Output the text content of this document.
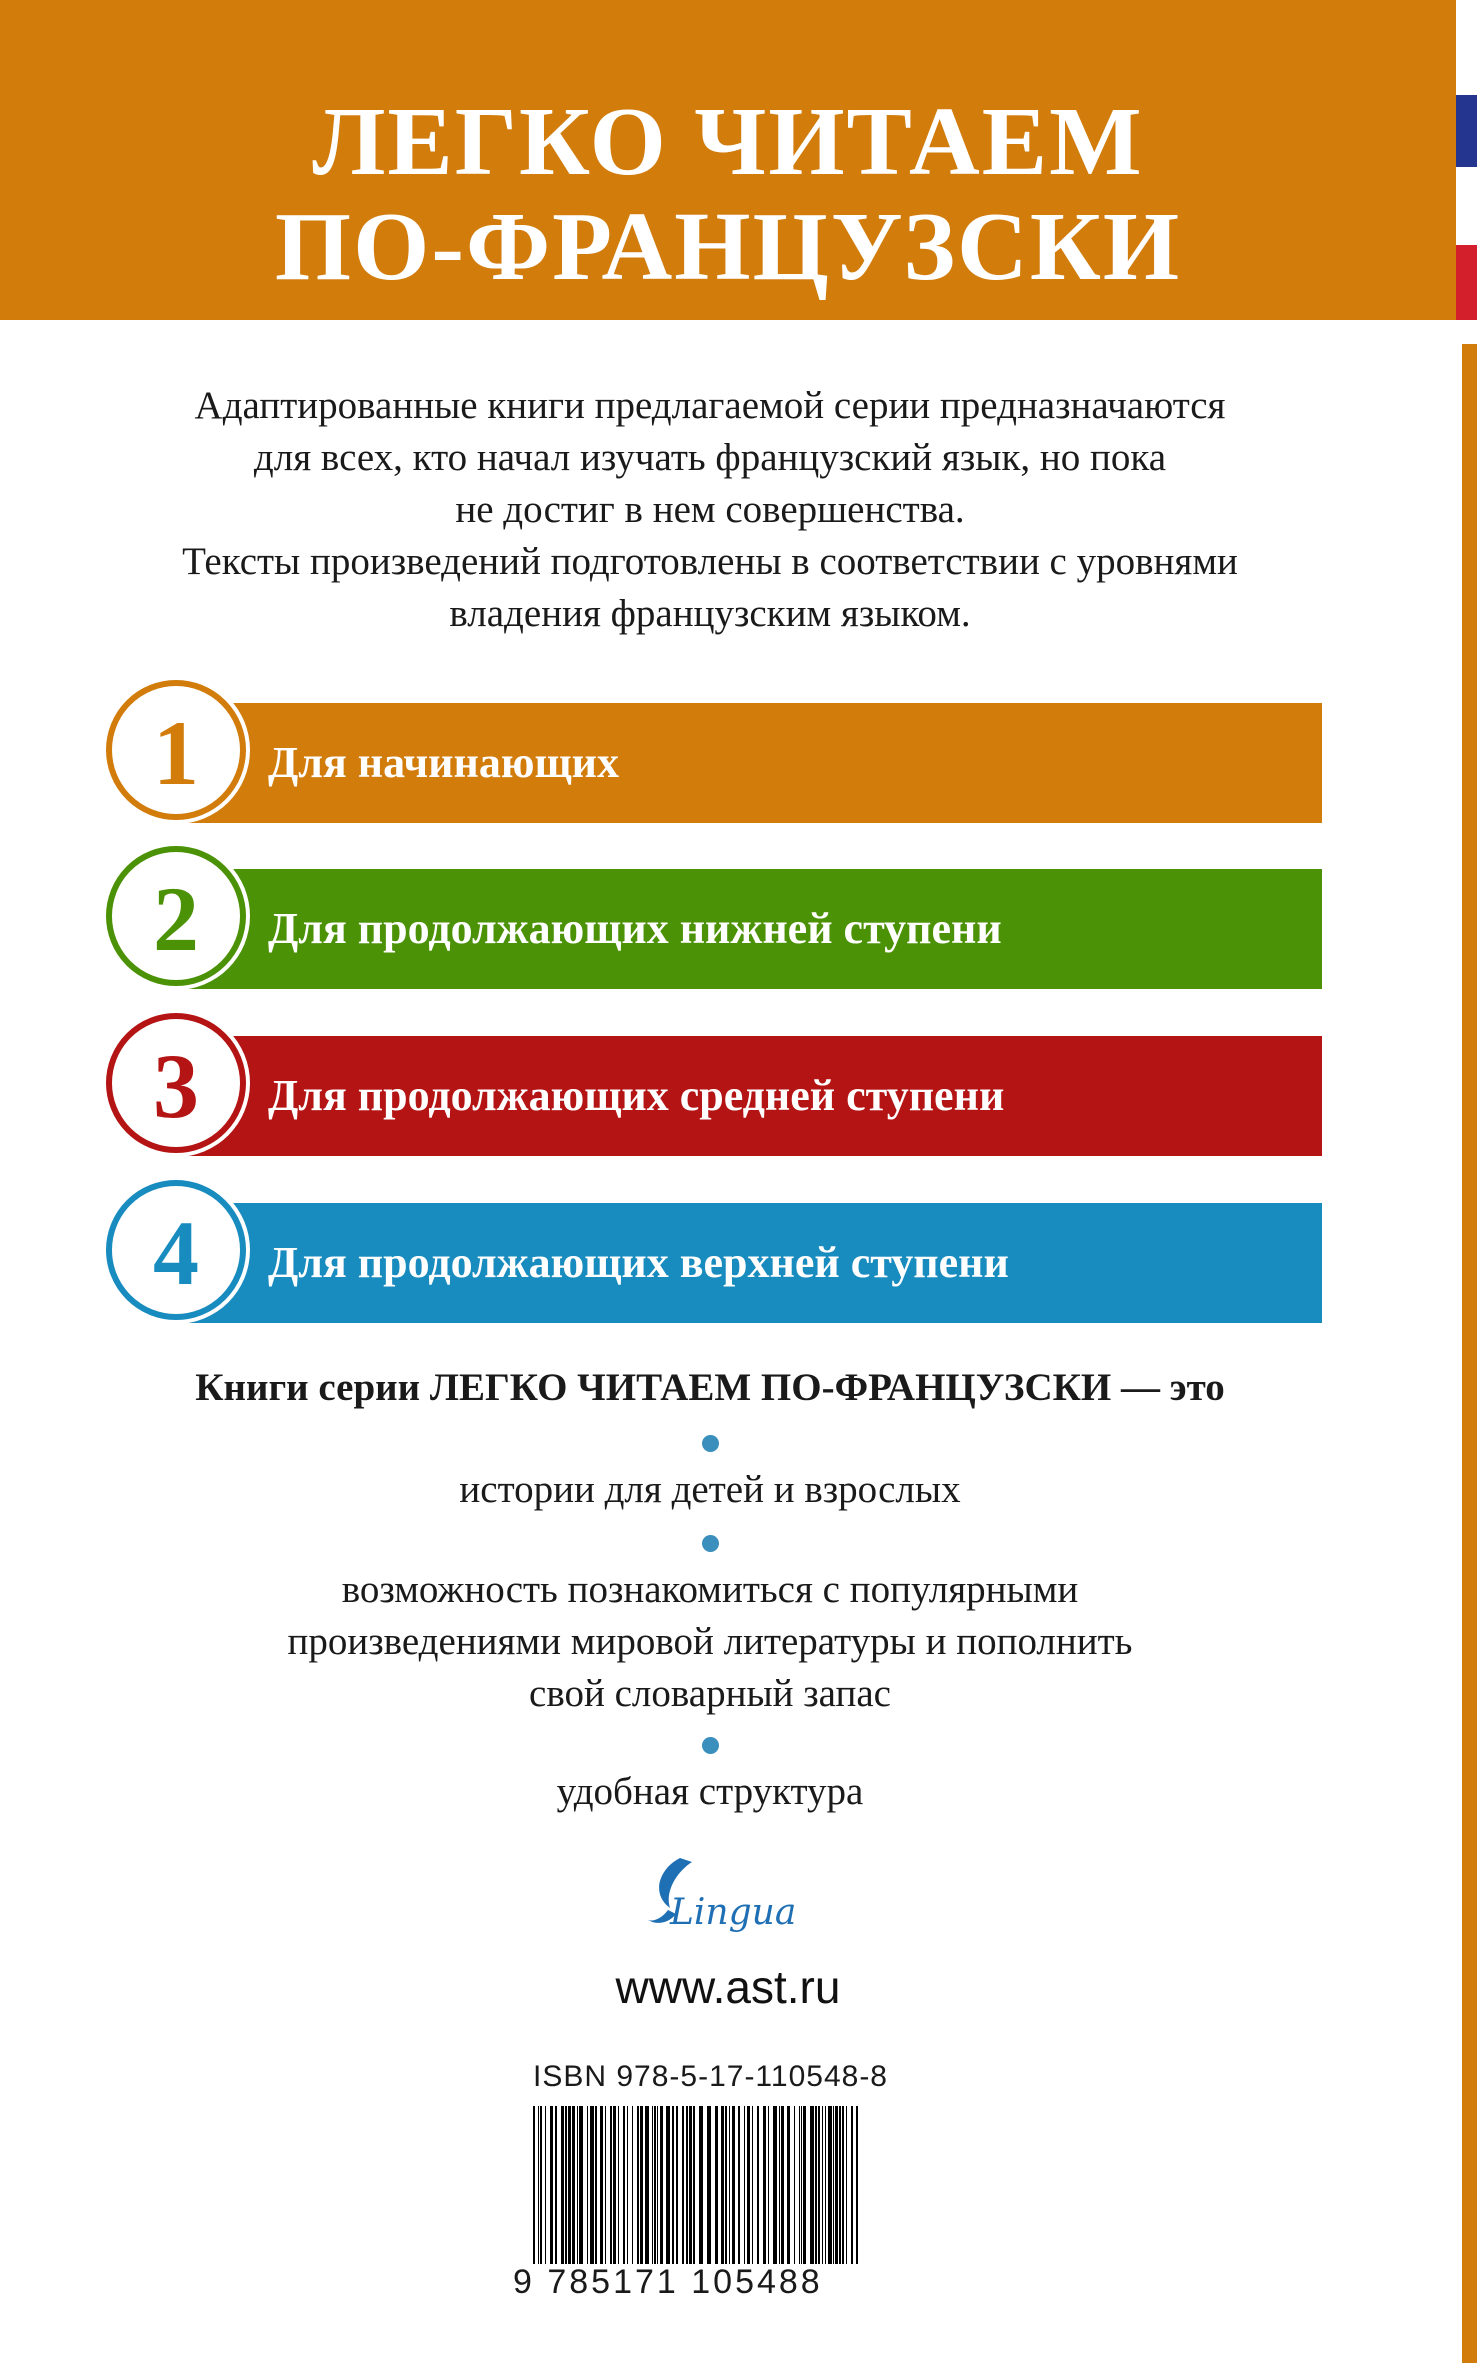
ЛЕГКО ЧИТАЕМ
ПО-ФРАНЦУЗСКИ
Адаптированные книги предлагаемой серии предназначаются
для всех, кто начал изучать французский язык, но пока
не достиг в нем совершенства.
Тексты произведений подготовлены в соответствии с уровнями
владения французским языком.
1 Для начинающих
2 Для продолжающих нижней ступени
3 Для продолжающих средней ступени
4 Для продолжающих верхней ступени
Книги серии ЛЕГКО ЧИТАЕМ ПО-ФРАНЦУЗСКИ — это
истории для детей и взрослых
возможность познакомиться с популярными
произведениями мировой литературы и пополнить
свой словарный запас
удобная структура
Lingua
www.ast.ru
ISBN 978-5-17-110548-8
9 785171 105488
